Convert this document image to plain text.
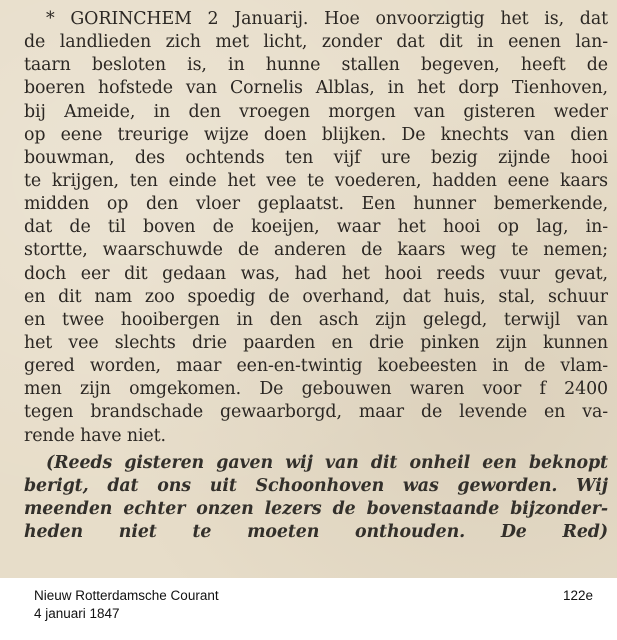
* GORINCHEM 2 Januarij. Hoe onvoorzigtig het is, dat
de landlieden zich met licht, zonder dat dit in eenen lan-
taarn besloten is, in hunne stallen begeven, heeft de
boeren hofstede van Cornelis Alblas, in het dorp Tienhoven,
bij Ameide, in den vroegen morgen van gisteren weder
op eene treurige wijze doen blijken. De knechts van dien
bouwman, des ochtends ten vijf ure bezig zijnde hooi
te krijgen, ten einde het vee te voederen, hadden eene kaars
midden op den vloer geplaatst. Een hunner bemerkende,
dat de til boven de koeijen, waar het hooi op lag, in-
stortte, waarschuwde de anderen de kaars weg te nemen;
doch eer dit gedaan was, had het hooi reeds vuur gevat,
en dit nam zoo spoedig de overhand, dat huis, stal, schuur
en twee hooibergen in den asch zijn gelegd, terwijl van
het vee slechts drie paarden en drie pinken zijn kunnen
gered worden, maar een-en-twintig koebeesten in de vlam-
men zijn omgekomen. De gebouwen waren voor f 2400
tegen brandschade gewaarborgd, maar de levende en va-
rende have niet.
(Reeds gisteren gaven wij van dit onheil een beknopt
berigt, dat ons uit Schoonhoven was geworden. Wij
meenden echter onzen lezers de bovenstaande bijzonder-
heden niet te moeten onthouden. De Red)
Nieuw Rotterdamsche Courant
4 januari 1847
122e
